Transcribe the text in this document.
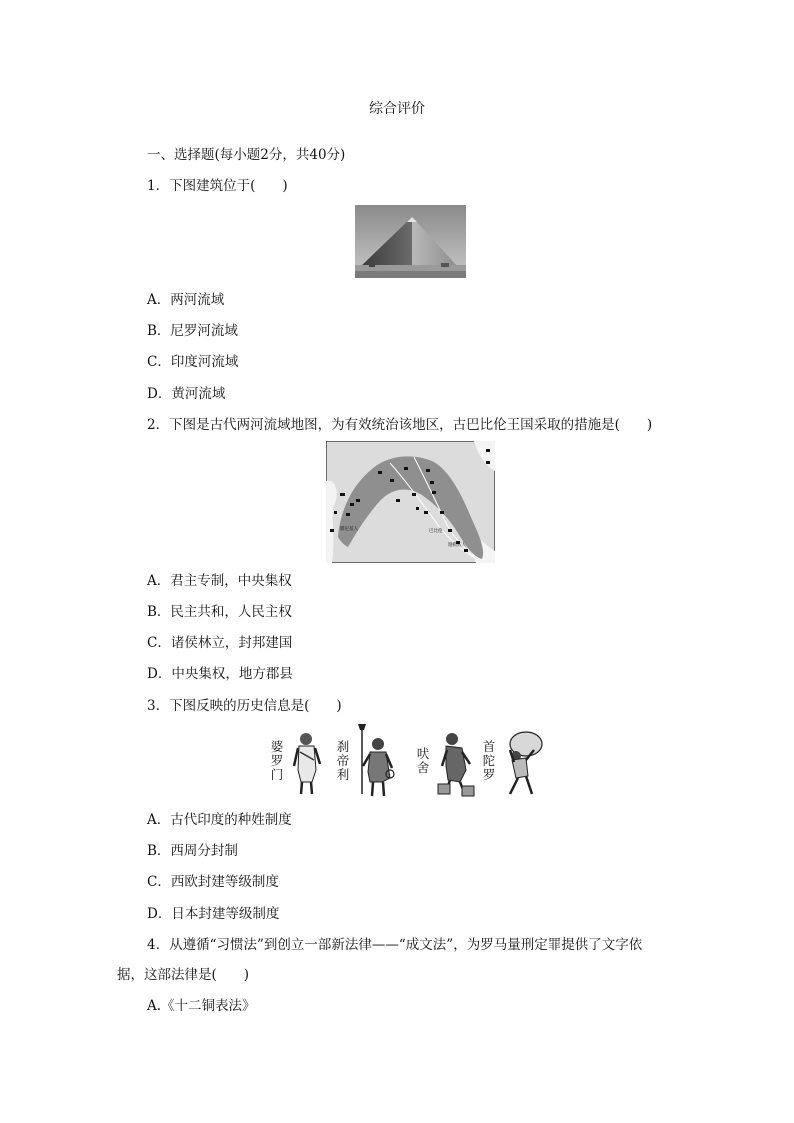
综合评价
一、选择题(每小题2分，共40分)
1．下图建筑位于(　　)
A．两河流域
B．尼罗河流域
C．印度河流域
D．黄河流域
2．下图是古代两河流域地图，为有效统治该地区，古巴比伦王国采取的措施是(　　)
腓尼基人	巴比伦
迦勒底人
A．君主专制，中央集权
B．民主共和，人民主权
C．诸侯林立，封邦建国
D．中央集权，地方郡县
3．下图反映的历史信息是(　　)
婆罗门
刹帝利
吠舍
首陀罗
A．古代印度的种姓制度
B．西周分封制
C．西欧封建等级制度
D．日本封建等级制度
4．从遵循“习惯法”到创立一部新法律——“成文法”，为罗马量刑定罪提供了文字依
据，这部法律是(　　)
A.《十二铜表法》
